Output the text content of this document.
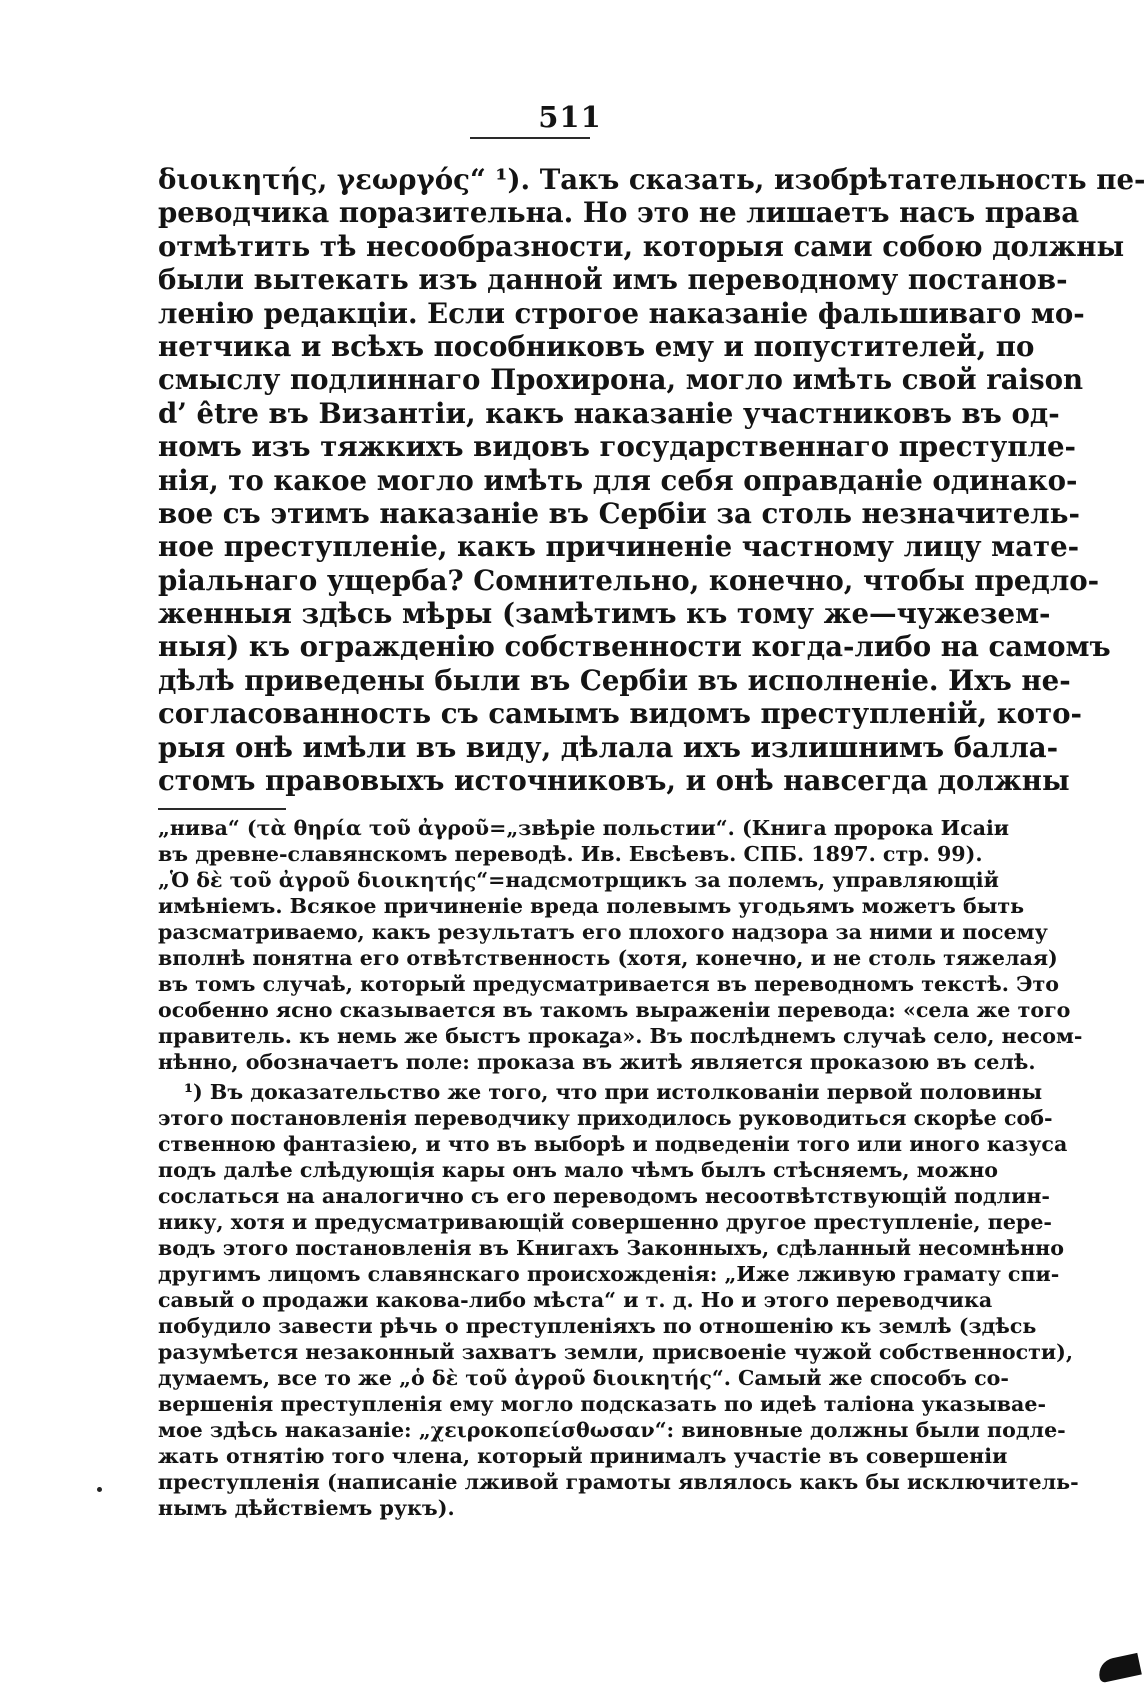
511
διοικητής, γεωργός“ ¹). Такъ сказать, изобрѣтательность пе-
реводчика поразительна. Но это не лишаетъ насъ права
отмѣтить тѣ несообразности, которыя сами собою должны
были вытекать изъ данной имъ переводному постанов-
ленію редакціи. Если строгое наказаніе фальшиваго мо-
нетчика и всѣхъ пособниковъ ему и попустителей, по
смыслу подлиннаго Прохирона, могло имѣть свой raison
d’ être въ Византіи, какъ наказаніе участниковъ въ од-
номъ изъ тяжкихъ видовъ государственнаго преступле-
нія, то какое могло имѣть для себя оправданіе одинако-
вое съ этимъ наказаніе въ Сербіи за столь незначитель-
ное преступленіе, какъ причиненіе частному лицу мате-
ріальнаго ущерба? Сомнительно, конечно, чтобы предло-
женныя здѣсь мѣры (замѣтимъ къ тому же—чужезем-
ныя) къ огражденію собственности когда-либо на самомъ
дѣлѣ приведены были въ Сербіи въ исполненіе. Ихъ не-
согласованность съ самымъ видомъ преступленій, кото-
рыя онѣ имѣли въ виду, дѣлала ихъ излишнимъ балла-
стомъ правовыхъ источниковъ, и онѣ навсегда должны
„нива“ (τὰ θηρία τοῦ ἀγροῦ=„звѣріе польстии“. (Книга пророка Исаіи
въ древне-славянскомъ переводѣ. Ив. Евсѣевъ. СПБ. 1897. стр. 99).
„Ὁ δὲ τοῦ ἀγροῦ διοικητής“=надсмотрщикъ за полемъ, управляющій
имѣніемъ. Всякое причиненіе вреда полевымъ угодьямъ можетъ быть
разсматриваемо, какъ результатъ его плохого надзора за ними и посему
вполнѣ понятна его отвѣтственность (хотя, конечно, и не столь тяжелая)
въ томъ случаѣ, который предусматривается въ переводномъ текстѣ. Это
особенно ясно сказывается въ такомъ выраженіи перевода: «села же того
правитель. къ немь же быстъ прокаꙁа». Въ послѣднемъ случаѣ село, несом-
нѣнно, обозначаетъ поле: проказа въ житѣ является проказою въ селѣ.
¹) Въ доказательство же того, что при истолкованіи первой половины
этого постановленія переводчику приходилось руководиться скорѣе соб-
ственною фантазіею, и что въ выборѣ и подведеніи того или иного казуса
подъ далѣе слѣдующія кары онъ мало чѣмъ былъ стѣсняемъ, можно
сослаться на аналогично съ его переводомъ несоотвѣтствующій подлин-
нику, хотя и предусматривающій совершенно другое преступленіе, пере-
водъ этого постановленія въ Книгахъ Законныхъ, сдѣланный несомнѣнно
другимъ лицомъ славянскаго происхожденія: „Иже лживую грамату спи-
савый о продажи какова-либо мѣста“ и т. д. Но и этого переводчика
побудило завести рѣчь о преступленіяхъ по отношенію къ землѣ (здѣсь
разумѣется незаконный захватъ земли, присвоеніе чужой собственности),
думаемъ, все то же „ὁ δὲ τοῦ ἀγροῦ διοικητής“. Самый же способъ со-
вершенія преступленія ему могло подсказать по идеѣ таліона указывае-
мое здѣсь наказаніе: „χειροκοπείσθωσαν“: виновные должны были подле-
жать отнятію того члена, который принималъ участіе въ совершеніи
преступленія (написаніе лживой грамоты являлось какъ бы исключитель-
нымъ дѣйствіемъ рукъ).
